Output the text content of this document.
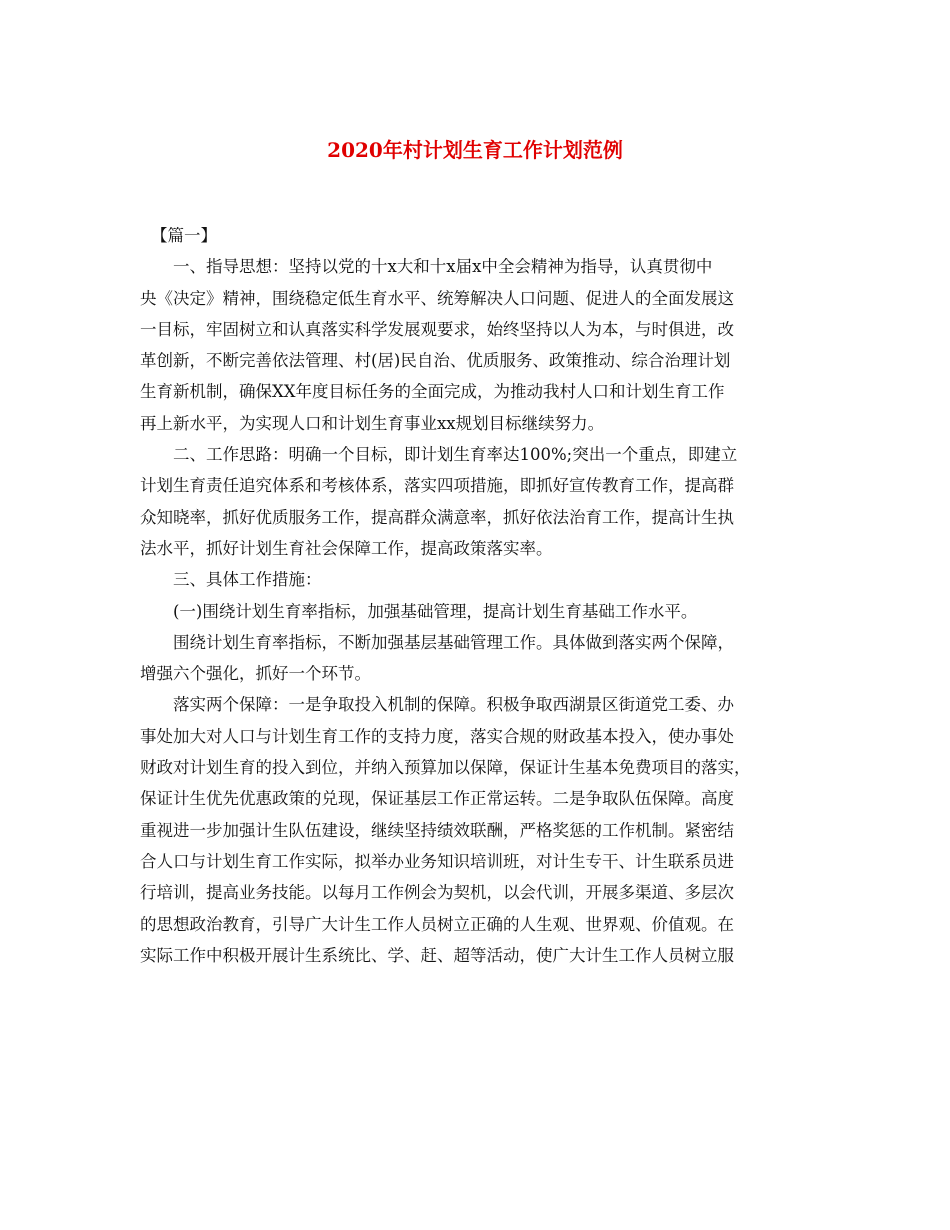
2020年村计划生育工作计划范例
【篇一】
一、指导思想：坚持以党的十x大和十x届x中全会精神为指导，认真贯彻中
央《决定》精神，围绕稳定低生育水平、统筹解决人口问题、促进人的全面发展这
一目标，牢固树立和认真落实科学发展观要求，始终坚持以人为本，与时俱进，改
革创新，不断完善依法管理、村(居)民自治、优质服务、政策推动、综合治理计划
生育新机制，确保XX年度目标任务的全面完成，为推动我村人口和计划生育工作
再上新水平，为实现人口和计划生育事业xx规划目标继续努力。
二、工作思路：明确一个目标，即计划生育率达100%;突出一个重点，即建立
计划生育责任追究体系和考核体系，落实四项措施，即抓好宣传教育工作，提高群
众知晓率，抓好优质服务工作，提高群众满意率，抓好依法治育工作，提高计生执
法水平，抓好计划生育社会保障工作，提高政策落实率。
三、具体工作措施：
(一)围绕计划生育率指标，加强基础管理，提高计划生育基础工作水平。
围绕计划生育率指标，不断加强基层基础管理工作。具体做到落实两个保障，
增强六个强化，抓好一个环节。
落实两个保障：一是争取投入机制的保障。积极争取西湖景区街道党工委、办
事处加大对人口与计划生育工作的支持力度，落实合规的财政基本投入，使办事处
财政对计划生育的投入到位，并纳入预算加以保障，保证计生基本免费项目的落实，
保证计生优先优惠政策的兑现，保证基层工作正常运转。二是争取队伍保障。高度
重视进一步加强计生队伍建设，继续坚持绩效联酬，严格奖惩的工作机制。紧密结
合人口与计划生育工作实际，拟举办业务知识培训班，对计生专干、计生联系员进
行培训，提高业务技能。以每月工作例会为契机，以会代训，开展多渠道、多层次
的思想政治教育，引导广大计生工作人员树立正确的人生观、世界观、价值观。在
实际工作中积极开展计生系统比、学、赶、超等活动，使广大计生工作人员树立服
